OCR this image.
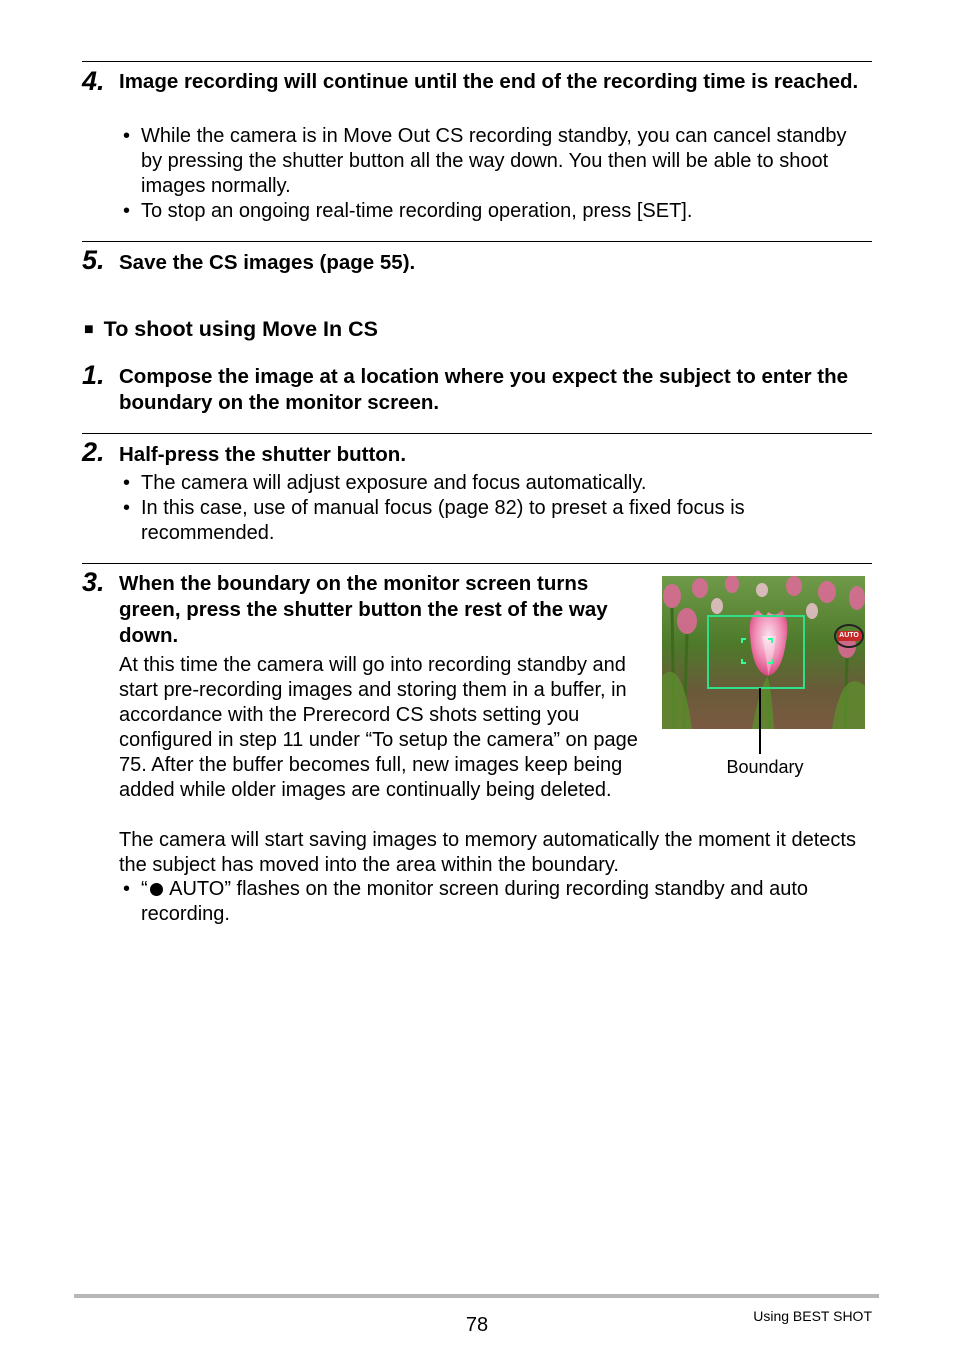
4. Image recording will continue until the end of the recording time is reached.
• While the camera is in Move Out CS recording standby, you can cancel standby by pressing the shutter button all the way down. You then will be able to shoot images normally.
• To stop an ongoing real-time recording operation, press [SET].
5. Save the CS images (page 55).
■ To shoot using Move In CS
1. Compose the image at a location where you expect the subject to enter the boundary on the monitor screen.
2. Half-press the shutter button.
• The camera will adjust exposure and focus automatically.
• In this case, use of manual focus (page 82) to preset a fixed focus is recommended.
3. When the boundary on the monitor screen turns green, press the shutter button the rest of the way down.
At this time the camera will go into recording standby and start pre-recording images and storing them in a buffer, in accordance with the Prerecord CS shots setting you configured in step 11 under “To setup the camera” on page 75. After the buffer becomes full, new images keep being added while older images are continually being deleted.
The camera will start saving images to memory automatically the moment it detects the subject has moved into the area within the boundary.
• “ AUTO” flashes on the monitor screen during recording standby and auto recording.
AUTO
Boundary
78	Using BEST SHOT
